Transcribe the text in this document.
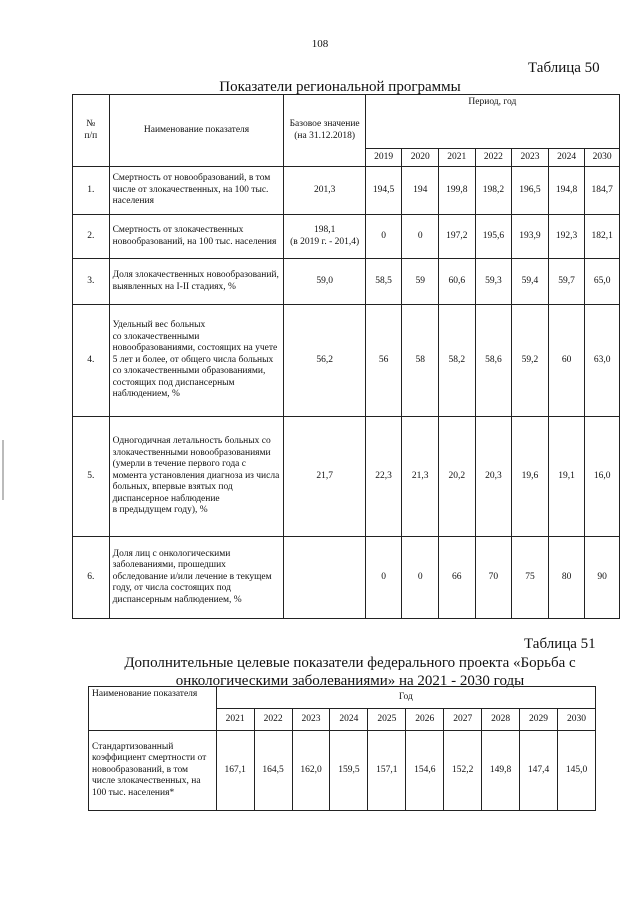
108
Таблица 50
Показатели региональной программы
№
п/п	Наименование показателя	Базовое значение (на 31.12.2018)	Период, год						
			2019	2020	2021	2022	2023	2024	2030
1.	Смертность от новообразований, в том числе от злокачественных, на 100 тыс. населения	201,3	194,5	194	199,8	198,2	196,5	194,8	184,7
2.	Смертность от злокачественных новообразований, на 100 тыс. населения	198,1
(в 2019 г. - 201,4)	0	0	197,2	195,6	193,9	192,3	182,1
3.	Доля злокачественных новообразований, выявленных на I-II стадиях, %	59,0	58,5	59	60,6	59,3	59,4	59,7	65,0
4.	Удельный вес больных
со злокачественными новообразованиями, состоящих на учете 5 лет и более, от общего числа больных
со злокачественными образованиями, состоящих под диспансерным наблюдением, %	56,2	56	58	58,2	58,6	59,2	60	63,0
5.	Одногодичная летальность больных со злокачественными новообразованиями (умерли в течение первого года с момента установления диагноза из числа больных, впервые взятых под диспансерное наблюдение
в предыдущем году), %	21,7	22,3	21,3	20,2	20,3	19,6	19,1	16,0
6.	Доля лиц с онкологическими заболеваниями, прошедших обследование и/или лечение в текущем году, от числа состоящих под диспансерным наблюдением, %		0	0	66	70	75	80	90
Таблица 51
Дополнительные целевые показатели федерального проекта «Борьба с онкологическими заболеваниями» на 2021 - 2030 годы
Наименование показателя	Год									
	2021	2022	2023	2024	2025	2026	2027	2028	2029	2030
Стандартизованный коэффициент смертности от новообразований, в том числе злокачественных, на 100 тыс. населения*	167,1	164,5	162,0	159,5	157,1	154,6	152,2	149,8	147,4	145,0
